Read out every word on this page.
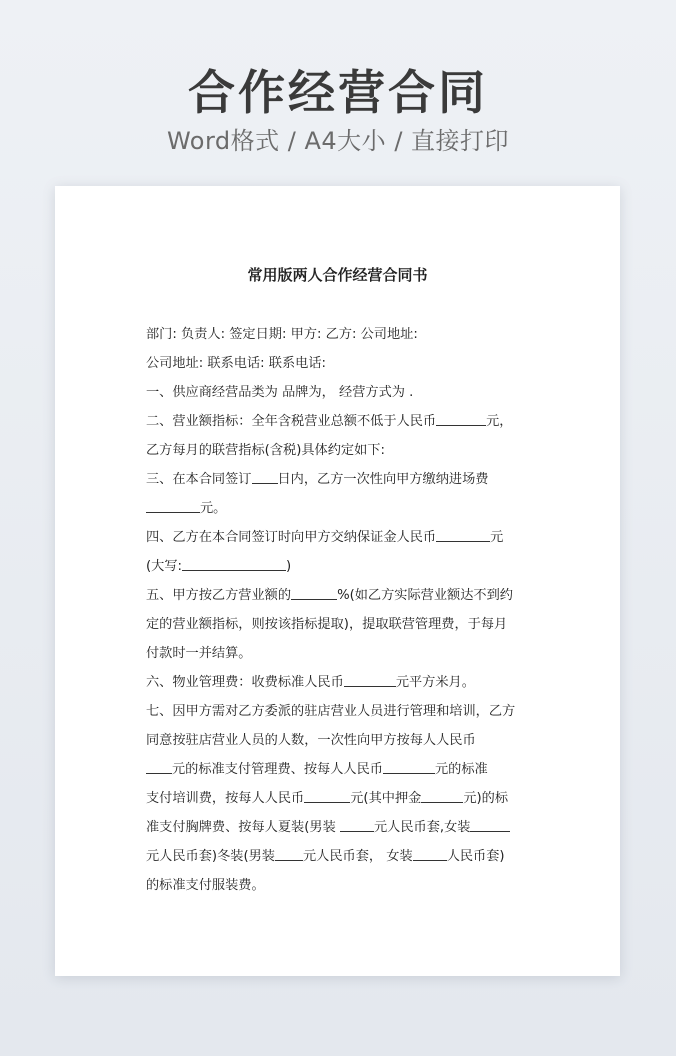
合作经营合同
Word格式 / A4大小 / 直接打印
常用版两人合作经营合同书
部门: 负责人: 签定日期: 甲方: 乙方: 公司地址:
公司地址: 联系电话: 联系电话:
一、供应商经营品类为 品牌为， 经营方式为 .
二、营业额指标：全年含税营业总额不低于人民币	元，
乙方每月的联营指标(含税)具体约定如下:
三、在本合同签订 日内，乙方一次性向甲方缴纳进场费
元。
四、乙方在本合同签订时向甲方交纳保证金人民币	元
(大写:	)
五、甲方按乙方营业额的	%(如乙方实际营业额达不到约
定的营业额指标，则按该指标提取)，提取联营管理费，于每月
付款时一并结算。
六、物业管理费：收费标准人民币	元平方米月。
七、因甲方需对乙方委派的驻店营业人员进行管理和培训，乙方
同意按驻店营业人员的人数，一次性向甲方按每人人民币
元的标准支付管理费、按每人人民币	元的标准
支付培训费，按每人人民币	元(其中押金	元)的标
准支付胸牌费、按每人夏装(男装	元人民币套,女装
元人民币套)冬装(男装 元人民币套， 女装	人民币套)
的标准支付服装费。
